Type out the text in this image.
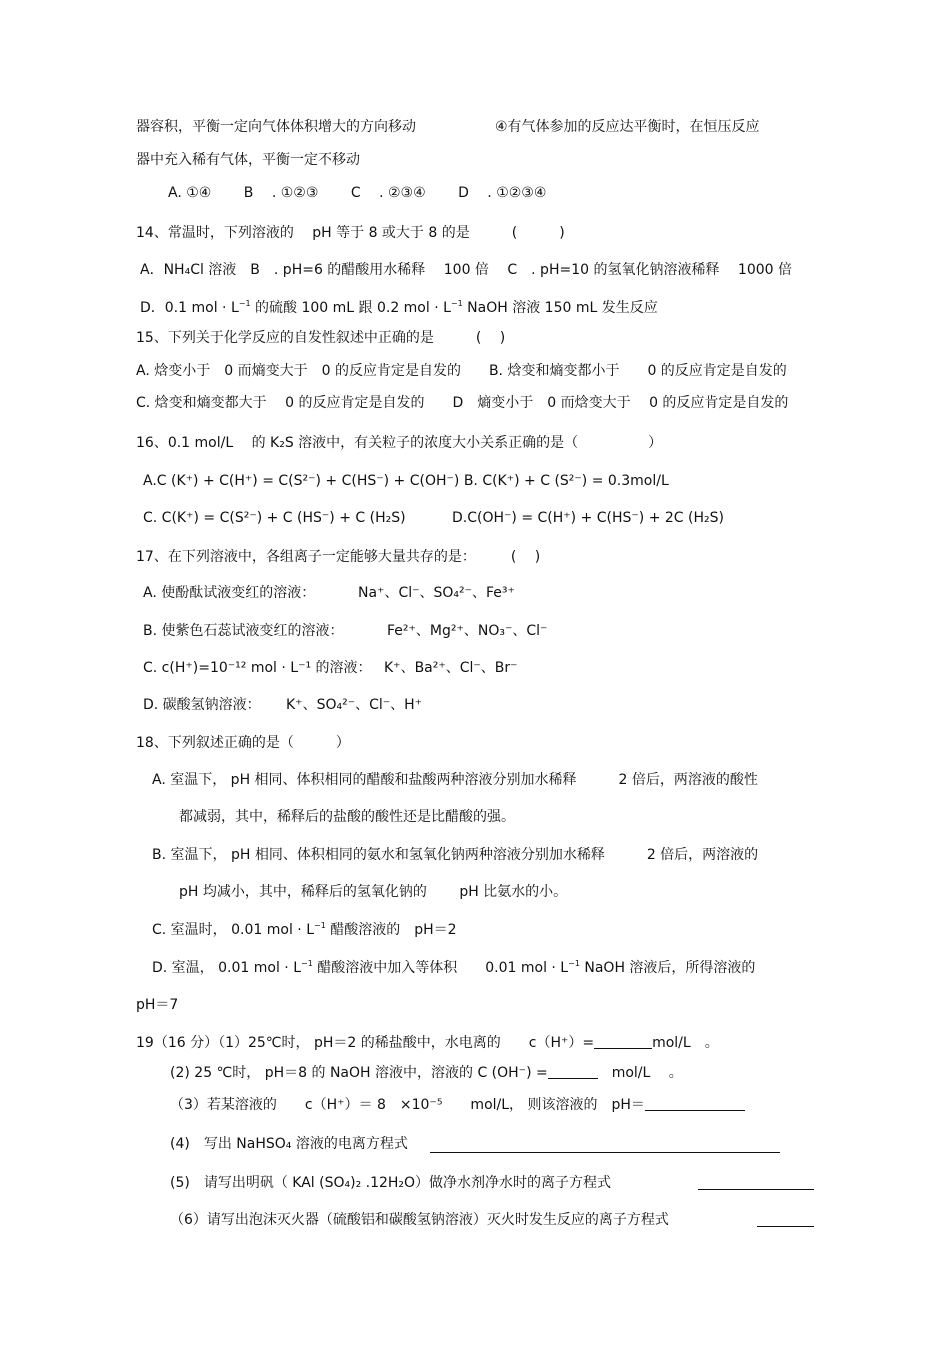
器容积，平衡一定向气体体积增大的方向移动	④有气体参加的反应达平衡时，在恒压反应
器中充入稀有气体，平衡一定不移动
A. ①④　　 B　 . ①②③　　 C　 . ②③④　　 D　 . ①②③④
14、常温时，下列溶液的　 pH 等于 8 或大于 8 的是　　　(　　　)
A．NH₄Cl 溶液　B　. pH=6 的醋酸用水稀释　 100 倍　 C　. pH=10 的氢氧化钠溶液稀释　 1000 倍
D．0.1 mol · $L^{-1}$ 的硫酸 100 mL 跟 0.2 mol · $L^{-1}$ NaOH 溶液 150 mL 发生反应
15、下列关于化学反应的自发性叙述中正确的是　　　(　 )
A. 焓变小于　0 而熵变大于　0 的反应肯定是自发的　　B. 焓变和熵变都小于　　0 的反应肯定是自发的
C. 焓变和熵变都大于　 0 的反应肯定是自发的　　D　熵变小于　0 而焓变大于　 0 的反应肯定是自发的
16、0.1 mol/L　 的 K₂S 溶液中，有关粒子的浓度大小关系正确的是（　　　　　）
A.C (K⁺) + C(H⁺) = C(S²⁻) + C(HS⁻) + C(OH⁻) B. C(K⁺) + C (S²⁻) = 0.3mol/L
C. C(K⁺) = C(S²⁻) + C (HS⁻) + C (H₂S)　　　 D.C(OH⁻) = C(H⁺) + C(HS⁻) + 2C (H₂S)
17、在下列溶液中，各组离子一定能够大量共存的是：　　　(　 )
A. 使酚酞试液变红的溶液：	Na⁺、Cl⁻、SO₄²⁻、Fe³⁺
B. 使紫色石蕊试液变红的溶液：	Fe²⁺、Mg²⁺、NO₃⁻、Cl⁻
C. c(H⁺)=10⁻¹² mol · L⁻¹ 的溶液： K⁺、Ba²⁺、Cl⁻、Br⁻
D. 碳酸氢钠溶液： K⁺、SO₄²⁻、Cl⁻、H⁺
18、下列叙述正确的是（　　　）
A. 室温下， pH 相同、体积相同的醋酸和盐酸两种溶液分别加水稀释　　　2 倍后，两溶液的酸性
都减弱，其中，稀释后的盐酸的酸性还是比醋酸的强。
B. 室温下， pH 相同、体积相同的氨水和氢氧化钠两种溶液分别加水稀释　　　2 倍后，两溶液的
pH 均减小，其中，稀释后的氢氧化钠的　　 pH 比氨水的小。
C. 室温时， 0.01 mol · $L^{-1}$ 醋酸溶液的　pH＝2
D. 室温， 0.01 mol · $L^{-1}$ 醋酸溶液中加入等体积　　0.01 mol · $L^{-1}$ NaOH 溶液后，所得溶液的
pH＝7
19（16 分）（1）25℃时， pH＝2 的稀盐酸中，水电离的　　c（H⁺）=	mol/L　。
(2) 25 ℃时， pH＝8 的 NaOH 溶液中，溶液的 C (OH⁻) =　	mol/L　 。
（3）若某溶液的　　c（H⁺）＝ 8　×10⁻⁵　　mol/L， 则该溶液的　pH＝
(4)　写出 NaHSO₄ 溶液的电离方程式
(5)　请写出明矾（ KAl (SO₄)₂ .12H₂O）做净水剂净水时的离子方程式
（6）请写出泡沫灭火器（硫酸铝和碳酸氢钠溶液）灭火时发生反应的离子方程式
